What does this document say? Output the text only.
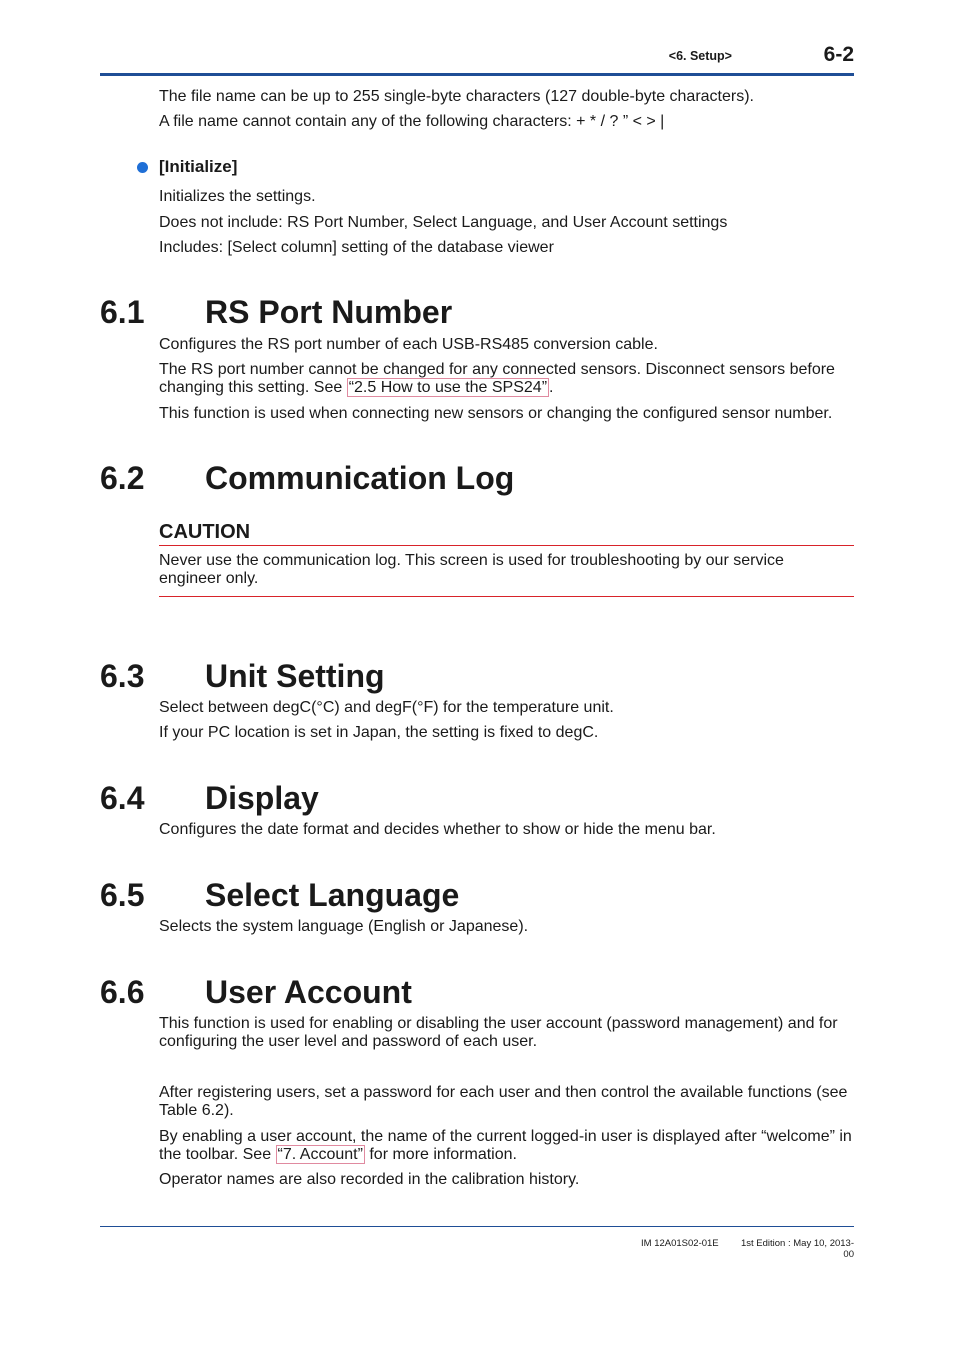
<6. Setup>	6-2
The file name can be up to 255 single-byte characters (127 double-byte characters).
A file name cannot contain any of the following characters: + * / ? ” < > |
[Initialize]
Initializes the settings.
Does not include: RS Port Number, Select Language, and User Account settings
Includes: [Select column] setting of the database viewer
6.1 RS Port Number
Configures the RS port number of each USB-RS485 conversion cable.
The RS port number cannot be changed for any connected sensors. Disconnect sensors before changing this setting. See “2.5 How to use the SPS24” .
This function is used when connecting new sensors or changing the configured sensor number.
6.2 Communication Log
CAUTION
Never use the communication log. This screen is used for troubleshooting by our service engineer only.
6.3 Unit Setting
Select between degC(°C) and degF(°F) for the temperature unit.
If your PC location is set in Japan, the setting is fixed to degC.
6.4 Display
Configures the date format and decides whether to show or hide the menu bar.
6.5 Select Language
Selects the system language (English or Japanese).
6.6 User Account
This function is used for enabling or disabling the user account (password management) and for configuring the user level and password of each user.
After registering users, set a password for each user and then control the available functions (see Table 6.2).
By enabling a user account, the name of the current logged-in user is displayed after “welcome” in the toolbar. See “7. Account” for more information.
Operator names are also recorded in the calibration history.
IM 12A01S02-01E	1st Edition : May 10, 2013-00
